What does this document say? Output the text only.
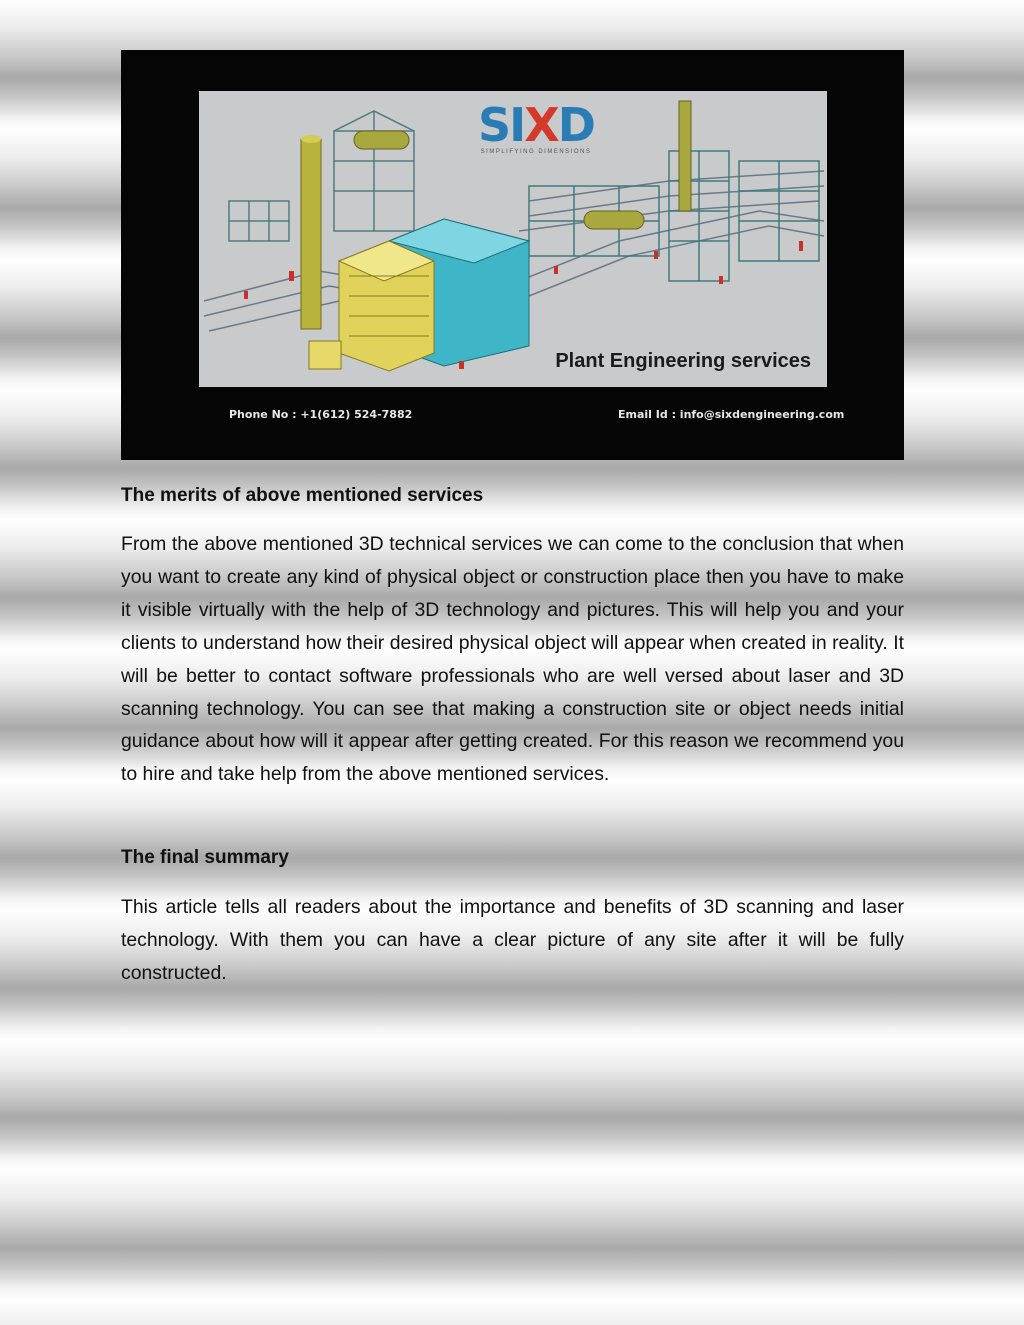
SIXD
SIMPLIFYING DIMENSIONS
Plant Engineering services
Phone No : +1(612) 524-7882	Email Id : info@sixdengineering.com
The merits of above mentioned services

From the above mentioned 3D technical services we can come to the conclusion that when you want to create any kind of physical object or construction place then you have to make it visible virtually with the help of 3D technology and pictures. This will help you and your clients to understand how their desired physical object will appear when created in reality. It will be better to contact software professionals who are well versed about laser and 3D scanning technology. You can see that making a construction site or object needs initial guidance about how will it appear after getting created. For this reason we recommend you to hire and take help from the above mentioned services.

The final summary

This article tells all readers about the importance and benefits of 3D scanning and laser technology. With them you can have a clear picture of any site after it will be fully constructed.
